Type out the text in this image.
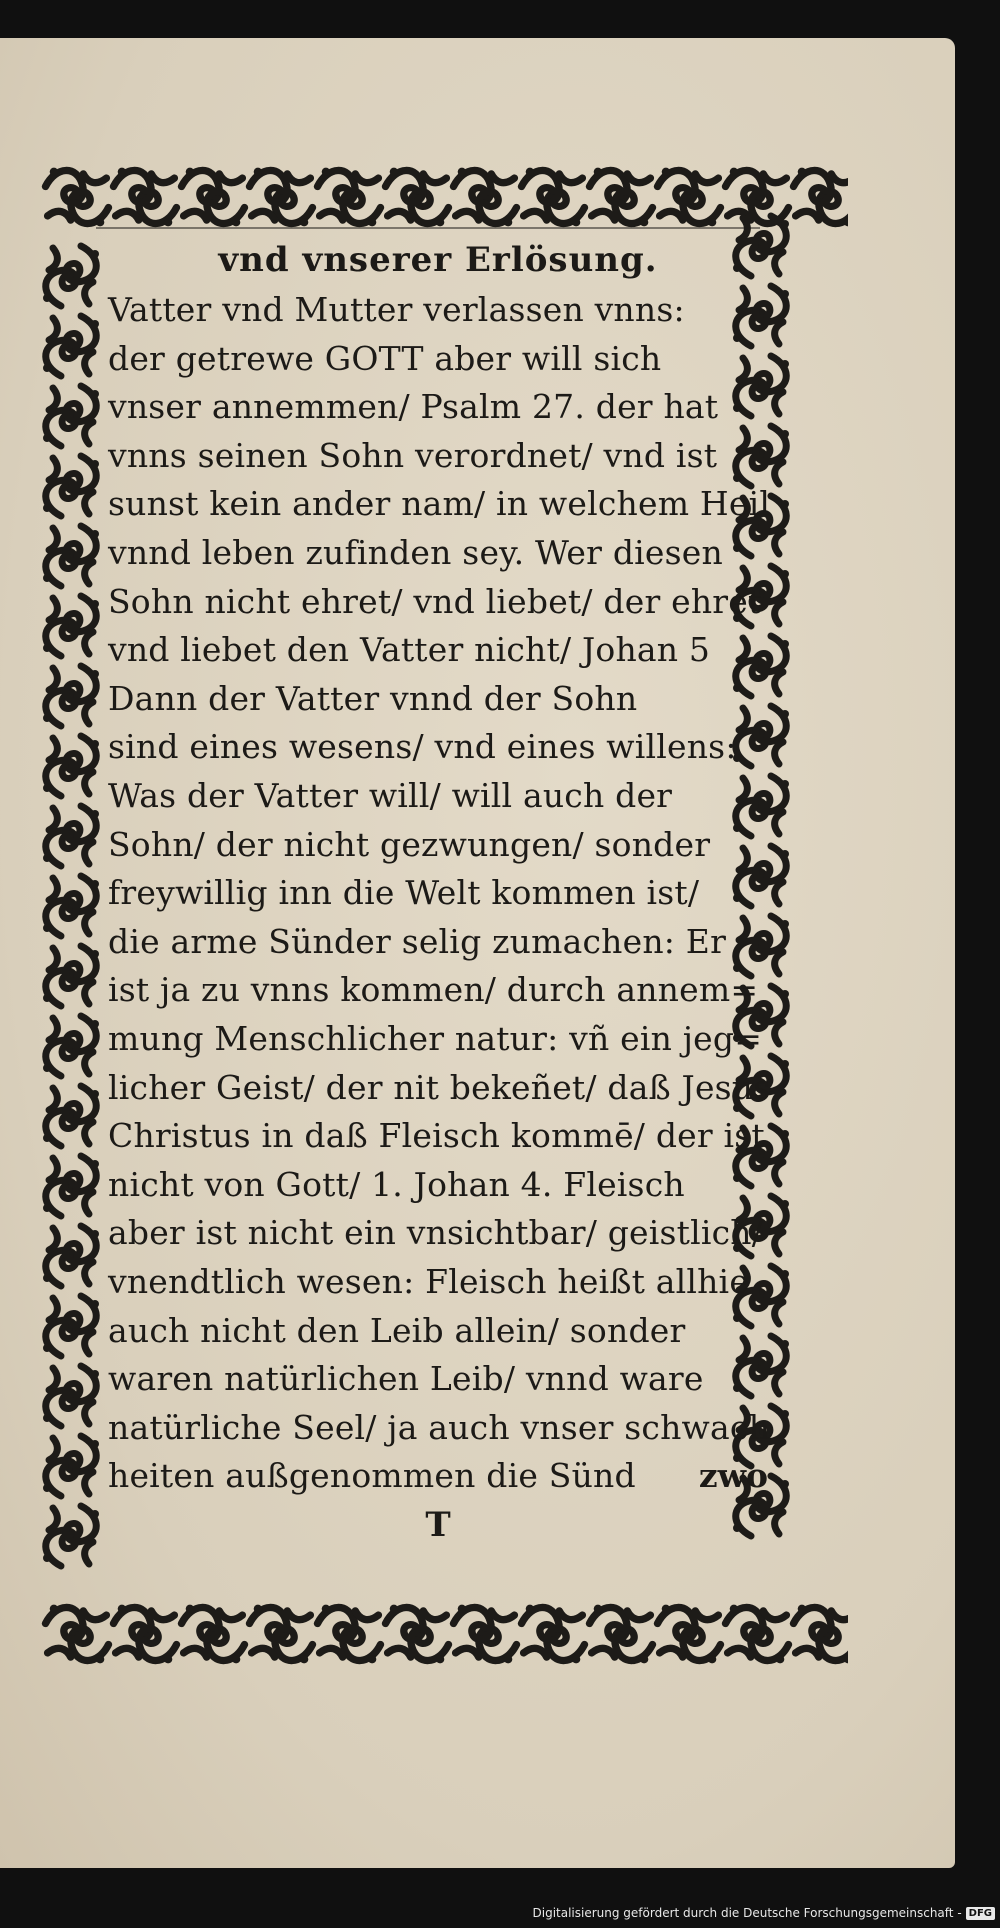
vnd vnserer Erlösung.
Vatter vnd Mutter verlassen vnns:
der getrewe GOTT aber will sich
vnser annemmen/ Psalm 27. der hat
vnns seinen Sohn verordnet/ vnd ist
sunst kein ander nam/ in welchem Heil
vnnd leben zufinden sey. Wer diesen
Sohn nicht ehret/ vnd liebet/ der ehret
vnd liebet den Vatter nicht/ Johan 5
Dann der Vatter vnnd der Sohn
sind eines wesens/ vnd eines willens:
Was der Vatter will/ will auch der
Sohn/ der nicht gezwungen/ sonder
freywillig inn die Welt kommen ist/
die arme Sünder selig zumachen: Er
ist ja zu vnns kommen/ durch annem=
mung Menschlicher natur: vñ ein jeg=
licher Geist/ der nit bekeñet/ daß Jesus
Christus in daß Fleisch kommē/ der ist
nicht von Gott/ 1. Johan 4. Fleisch
aber ist nicht ein vnsichtbar/ geistlich/
vnendtlich wesen: Fleisch heißt allhie
auch nicht den Leib allein/ sonder
waren natürlichen Leib/ vnnd ware
natürliche Seel/ ja auch vnser schwach
heiten außgenommen die Sünd zwo
T
Digitalisierung gefördert durch die Deutsche Forschungsgemeinschaft - DFG
